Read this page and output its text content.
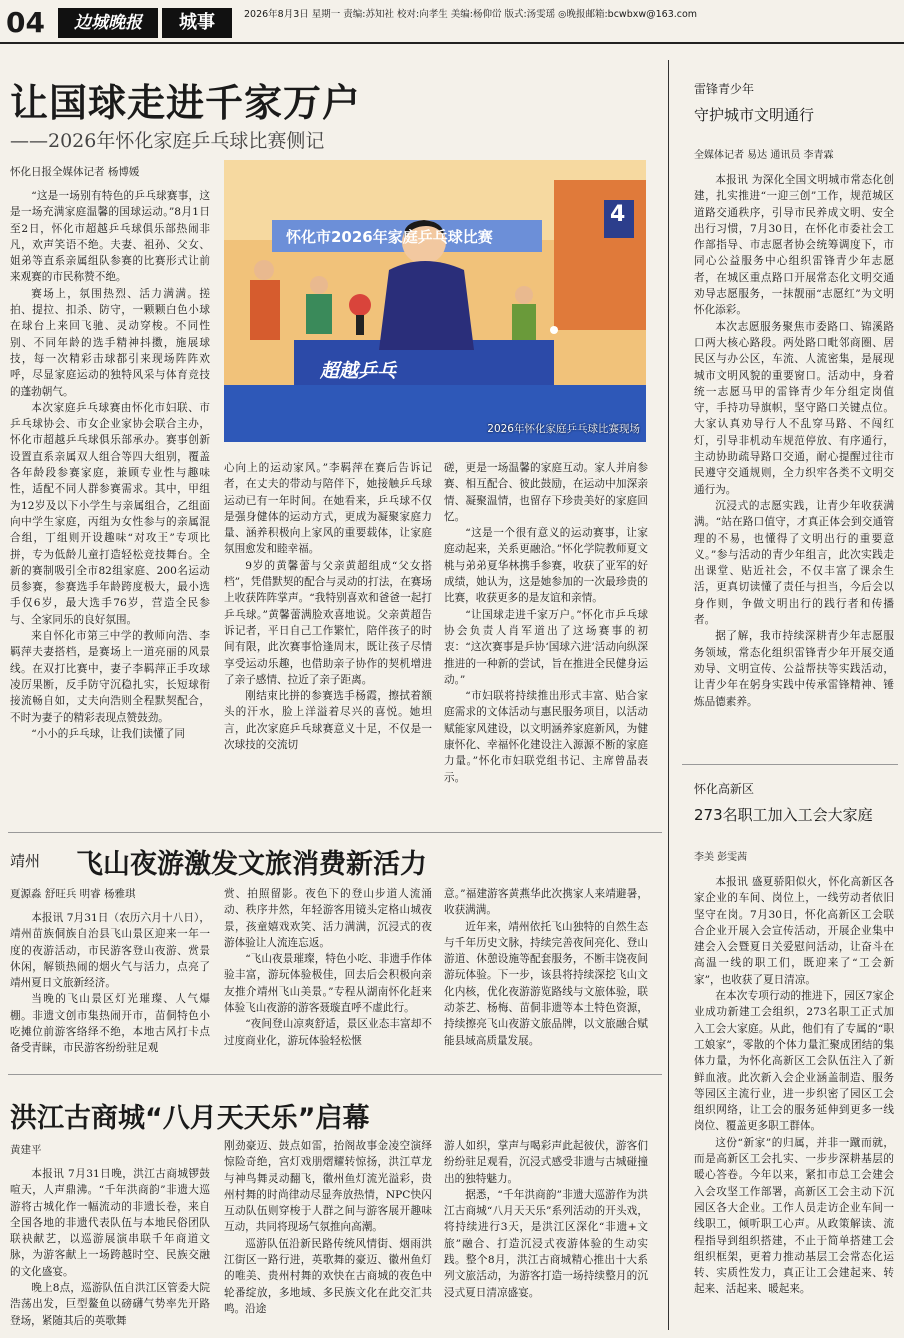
04	边城晚报	城事	2026年8月3日 星期一 责编:苏知社 校对:向孝生 美编:杨仰峃 版式:汤雯瑶 ◎晚报邮箱:bcwbxw@163.com
让国球走进千家万户
——2026年怀化家庭乒乓球比赛侧记
怀化日报全媒体记者 杨博媛
怀化市2026年家庭乒乓球比赛
超越乒乓
4
2026年怀化家庭乒乓球比赛现场

“这是一场别有特色的乒乓球赛事，这是一场充满家庭温馨的国球运动。”8月1日至2日，怀化市超越乒乓球俱乐部热闹非凡，欢声笑语不绝。夫妻、祖孙、父女、姐弟等直系亲属组队参赛的比赛形式让前来观赛的市民称赞不绝。

赛场上，氛围热烈、活力满满。搓拍、提拉、扣杀、防守，一颗颗白色小球在球台上来回飞驰、灵动穿梭。不同性别、不同年龄的选手精神抖擞，施展球技，每一次精彩击球都引来现场阵阵欢呼，尽显家庭运动的独特风采与体育竞技的蓬勃朝气。

本次家庭乒乓球赛由怀化市妇联、市乒乓球协会、市女企业家协会联合主办，怀化市超越乒乓球俱乐部承办。赛事创新设置直系亲属双人组合等四大组别，覆盖各年龄段参赛家庭，兼顾专业性与趣味性，适配不同人群参赛需求。其中，甲组为12岁及以下小学生与亲属组合，乙组面向中学生家庭，丙组为女性参与的亲属混合组，丁组则开设趣味“对攻王”专项比拼，专为低龄儿童打造轻松竞技舞台。全新的赛制吸引全市82组家庭、200名运动员参赛，参赛选手年龄跨度极大，最小选手仅6岁，最大选手76岁，营造全民参与、全家同乐的良好氛围。

来自怀化市第三中学的教师向浩、李羁萍夫妻搭档，是赛场上一道亮丽的风景线。在双打比赛中，妻子李羁萍正手攻球凌厉果断，反手防守沉稳扎实，长短球衔接流畅自如，丈夫向浩则全程默契配合，不时为妻子的精彩表现点赞鼓劲。

“小小的乒乓球，让我们读懂了同

心向上的运动家风。”李羁萍在赛后告诉记者，在丈夫的带动与陪伴下，她接触乒乓球运动已有一年时间。在她看来，乒乓球不仅是强身健体的运动方式，更成为凝聚家庭力量、涵养积极向上家风的重要载体，让家庭氛围愈发和睦幸福。

9岁的黄馨蕾与父亲黄超组成“父女搭档”，凭借默契的配合与灵动的打法，在赛场上收获阵阵掌声。“我特别喜欢和爸爸一起打乒乓球。”黄馨蕾满脸欢喜地说。父亲黄超告诉记者，平日自己工作繁忙，陪伴孩子的时间有限，此次赛事恰逢周末，既让孩子尽情享受运动乐趣，也借助亲子协作的契机增进了亲子感情、拉近了亲子距离。

刚结束比拼的参赛选手杨霞，擦拭着额头的汗水，脸上洋溢着尽兴的喜悦。她坦言，此次家庭乒乓球赛意义十足，不仅是一次球技的交流切

磋，更是一场温馨的家庭互动。家人并肩参赛、相互配合、彼此鼓励，在运动中加深亲情、凝聚温情，也留存下珍贵美好的家庭回忆。

“这是一个很有意义的运动赛事，让家庭动起来，关系更融洽。”怀化学院教师夏文桃与弟弟夏华林携手参赛，收获了亚军的好成绩，她认为，这是她参加的一次最珍贵的比赛，收获更多的是友谊和亲情。

“让国球走进千家万户。”怀化市乒乓球协会负责人肖军道出了这场赛事的初衷：“这次赛事是乒协‘国球六进’活动向纵深推进的一种新的尝试，旨在推进全民健身运动。”

“市妇联将持续推出形式丰富、贴合家庭需求的文体活动与惠民服务项目，以活动赋能家风建设，以文明涵养家庭新风，为健康怀化、幸福怀化建设注入源源不断的家庭力量。”怀化市妇联党组书记、主席曾晶表示。

雷锋青少年
守护城市文明通行
全媒体记者 易达 通讯员 李青霖

本报讯 为深化全国文明城市常态化创建，扎实推进“一迎三创”工作，规范城区道路交通秩序，引导市民养成文明、安全出行习惯，7月30日，在怀化市委社会工作部指导、市志愿者协会统筹调度下，市同心公益服务中心组织雷锋青少年志愿者，在城区重点路口开展常态化文明交通劝导志愿服务，一抹靓丽“志愿红”为文明怀化添彩。

本次志愿服务聚焦市委路口、锦溪路口两大核心路段。两处路口毗邻商圈、居民区与办公区，车流、人流密集，是展现城市文明风貌的重要窗口。活动中，身着统一志愿马甲的雷锋青少年分组定岗值守，手持功导旗帜，坚守路口关键点位。大家认真劝导行人不乱穿马路、不闯红灯，引导非机动车规范停放、有序通行，主动协助疏导路口交通，耐心提醒过往市民遵守交通规则，全力织牢各类不文明交通行为。

沉浸式的志愿实践，让青少年收获满满。“站在路口值守，才真正体会到交通管理的不易，也懂得了文明出行的重要意义。”参与活动的青少年组言，此次实践走出课堂、贴近社会，不仅丰富了课余生活，更真切读懂了责任与担当，今后会以身作则，争做文明出行的践行者和传播者。

据了解，我市持续深耕青少年志愿服务领域，常态化组织雷锋青少年开展交通劝导、文明宣传、公益帮扶等实践活动，让青少年在躬身实践中传承雷锋精神、锤炼品德素养。

怀化高新区
273名职工加入工会大家庭
李美 彭雯茜

本报讯 盛夏骄阳似火，怀化高新区各家企业的车间、岗位上，一线劳动者依旧坚守在岗。7月30日，怀化高新区工会联合企业开展入会宣传活动，开展企业集中建会入会暨夏日关爱慰问活动，让奋斗在高温一线的职工们，既迎来了“工会新家”，也收获了夏日清凉。

在本次专项行动的推进下，园区7家企业成功新建工会组织，273名职工正式加入工会大家庭。从此，他们有了专属的“职工娘家”，零散的个体力量汇聚成团结的集体力量，为怀化高新区工会队伍注入了新鲜血液。此次新入会企业涵盖制造、服务等园区主流行业，进一步织密了园区工会组织网络，让工会的服务延伸到更多一线岗位、覆盖更多职工群体。

这份“新家”的归属，并非一蹴而就，而是高新区工会扎实、一步步深耕基层的暖心答卷。今年以来，紧扣市总工会建会入会攻坚工作部署，高新区工会主动下沉园区各大企业。工作人员走访企业车间一线职工，倾听职工心声。从政策解读、流程指导到组织搭建，不止于简单搭建工会组织框架，更着力推动基层工会常态化运转、实质性发力，真正让工会建起来、转起来、活起来、暖起来。

靖州 飞山夜游激发文旅消费新活力
夏源淼 舒旺兵 明睿 杨雅琪

本报讯 7月31日（农历六月十八日），靖州苗族侗族自治县飞山景区迎来一年一度的夜游活动，市民游客登山夜游、赏景休闲，解锁热闹的烟火气与活力，点亮了靖州夏日文旅新经济。

当晚的飞山景区灯光璀璨、人气爆棚。非遗文创市集热闹开市，苗侗特色小吃摊位前游客络绎不绝，本地古风打卡点备受青睐，市民游客纷纷驻足观

赏、拍照留影。夜色下的登山步道人流涌动、秩序井然，年轻游客用镜头定格山城夜景，孩童嬉戏欢笑、活力满满，沉浸式的夜游体验让人流连忘返。

“飞山夜景璀璨，特色小吃、非遗手作体验丰富，游玩体验极佳，回去后会积极向亲友推介靖州飞山美景。”专程从湖南怀化赶来体验飞山夜游的游客聂璇直呼不虚此行。

“夜间登山凉爽舒适，景区业态丰富却不过度商业化，游玩体验轻松惬

意。”福建游客黄燕华此次携家人来靖避暑，收获满满。

近年来，靖州依托飞山独特的自然生态与千年历史文脉，持续完善夜间亮化、登山游道、休憩设施等配套服务，不断丰饶夜间游玩体验。下一步，该县将持续深挖飞山文化内核，优化夜游游览路线与文旅体验，联动茶艺、杨梅、苗侗非遗等本土特色资源，持续擦亮飞山夜游文旅品牌，以文旅融合赋能县域高质量发展。

洪江古商城“八月天天乐”启幕
黄建平

本报讯 7月31日晚，洪江古商城锣鼓喧天，人声鼎沸。“千年洪商韵”非遗大巡游将古城化作一幅流动的非遗长卷，来自全国各地的非遗代表队伍与本地民俗团队联袂献艺，以巡游展演串联千年商道文脉，为游客献上一场跨越时空、民族交融的文化盛宴。

晚上8点，巡游队伍自洪江区管委大院浩荡出发，巨型鳌鱼以磅礴气势率先开路登场，紧随其后的英歌舞

刚劲豪迈、鼓点如雷，抬阁故事金凌空演绎惊险奇绝，宫灯戏朋熠耀转惊扬，洪江草龙与神鸟舞灵动翻飞，徽州鱼灯流光溢彩，贵州村舞的时尚律动尽显奔放热情，NPC快闪互动队伍则穿梭于人群之间与游客展开趣味互动，共同将现场气氛推向高潮。

巡游队伍沿新民路传统风情街、烟雨洪江街区一路行进，英歌舞的豪迈、徽州鱼灯的唯美、贵州村舞的欢快在古商城的夜色中轮番绽放，多地域、多民族文化在此交汇共鸣。沿途

游人如织，掌声与喝彩声此起彼伏，游客们纷纷驻足观看，沉浸式感受非遗与古城碰撞出的独特魅力。

据悉，“千年洪商韵”非遗大巡游作为洪江古商城“八月天天乐”系列活动的开头戏，将持续进行3天，是洪江区深化“非遗+文旅”融合、打造沉浸式夜游体验的生动实践。整个8月，洪江古商城精心推出十大系列文旅活动，为游客打造一场持续整月的沉浸式夏日清凉盛宴。
